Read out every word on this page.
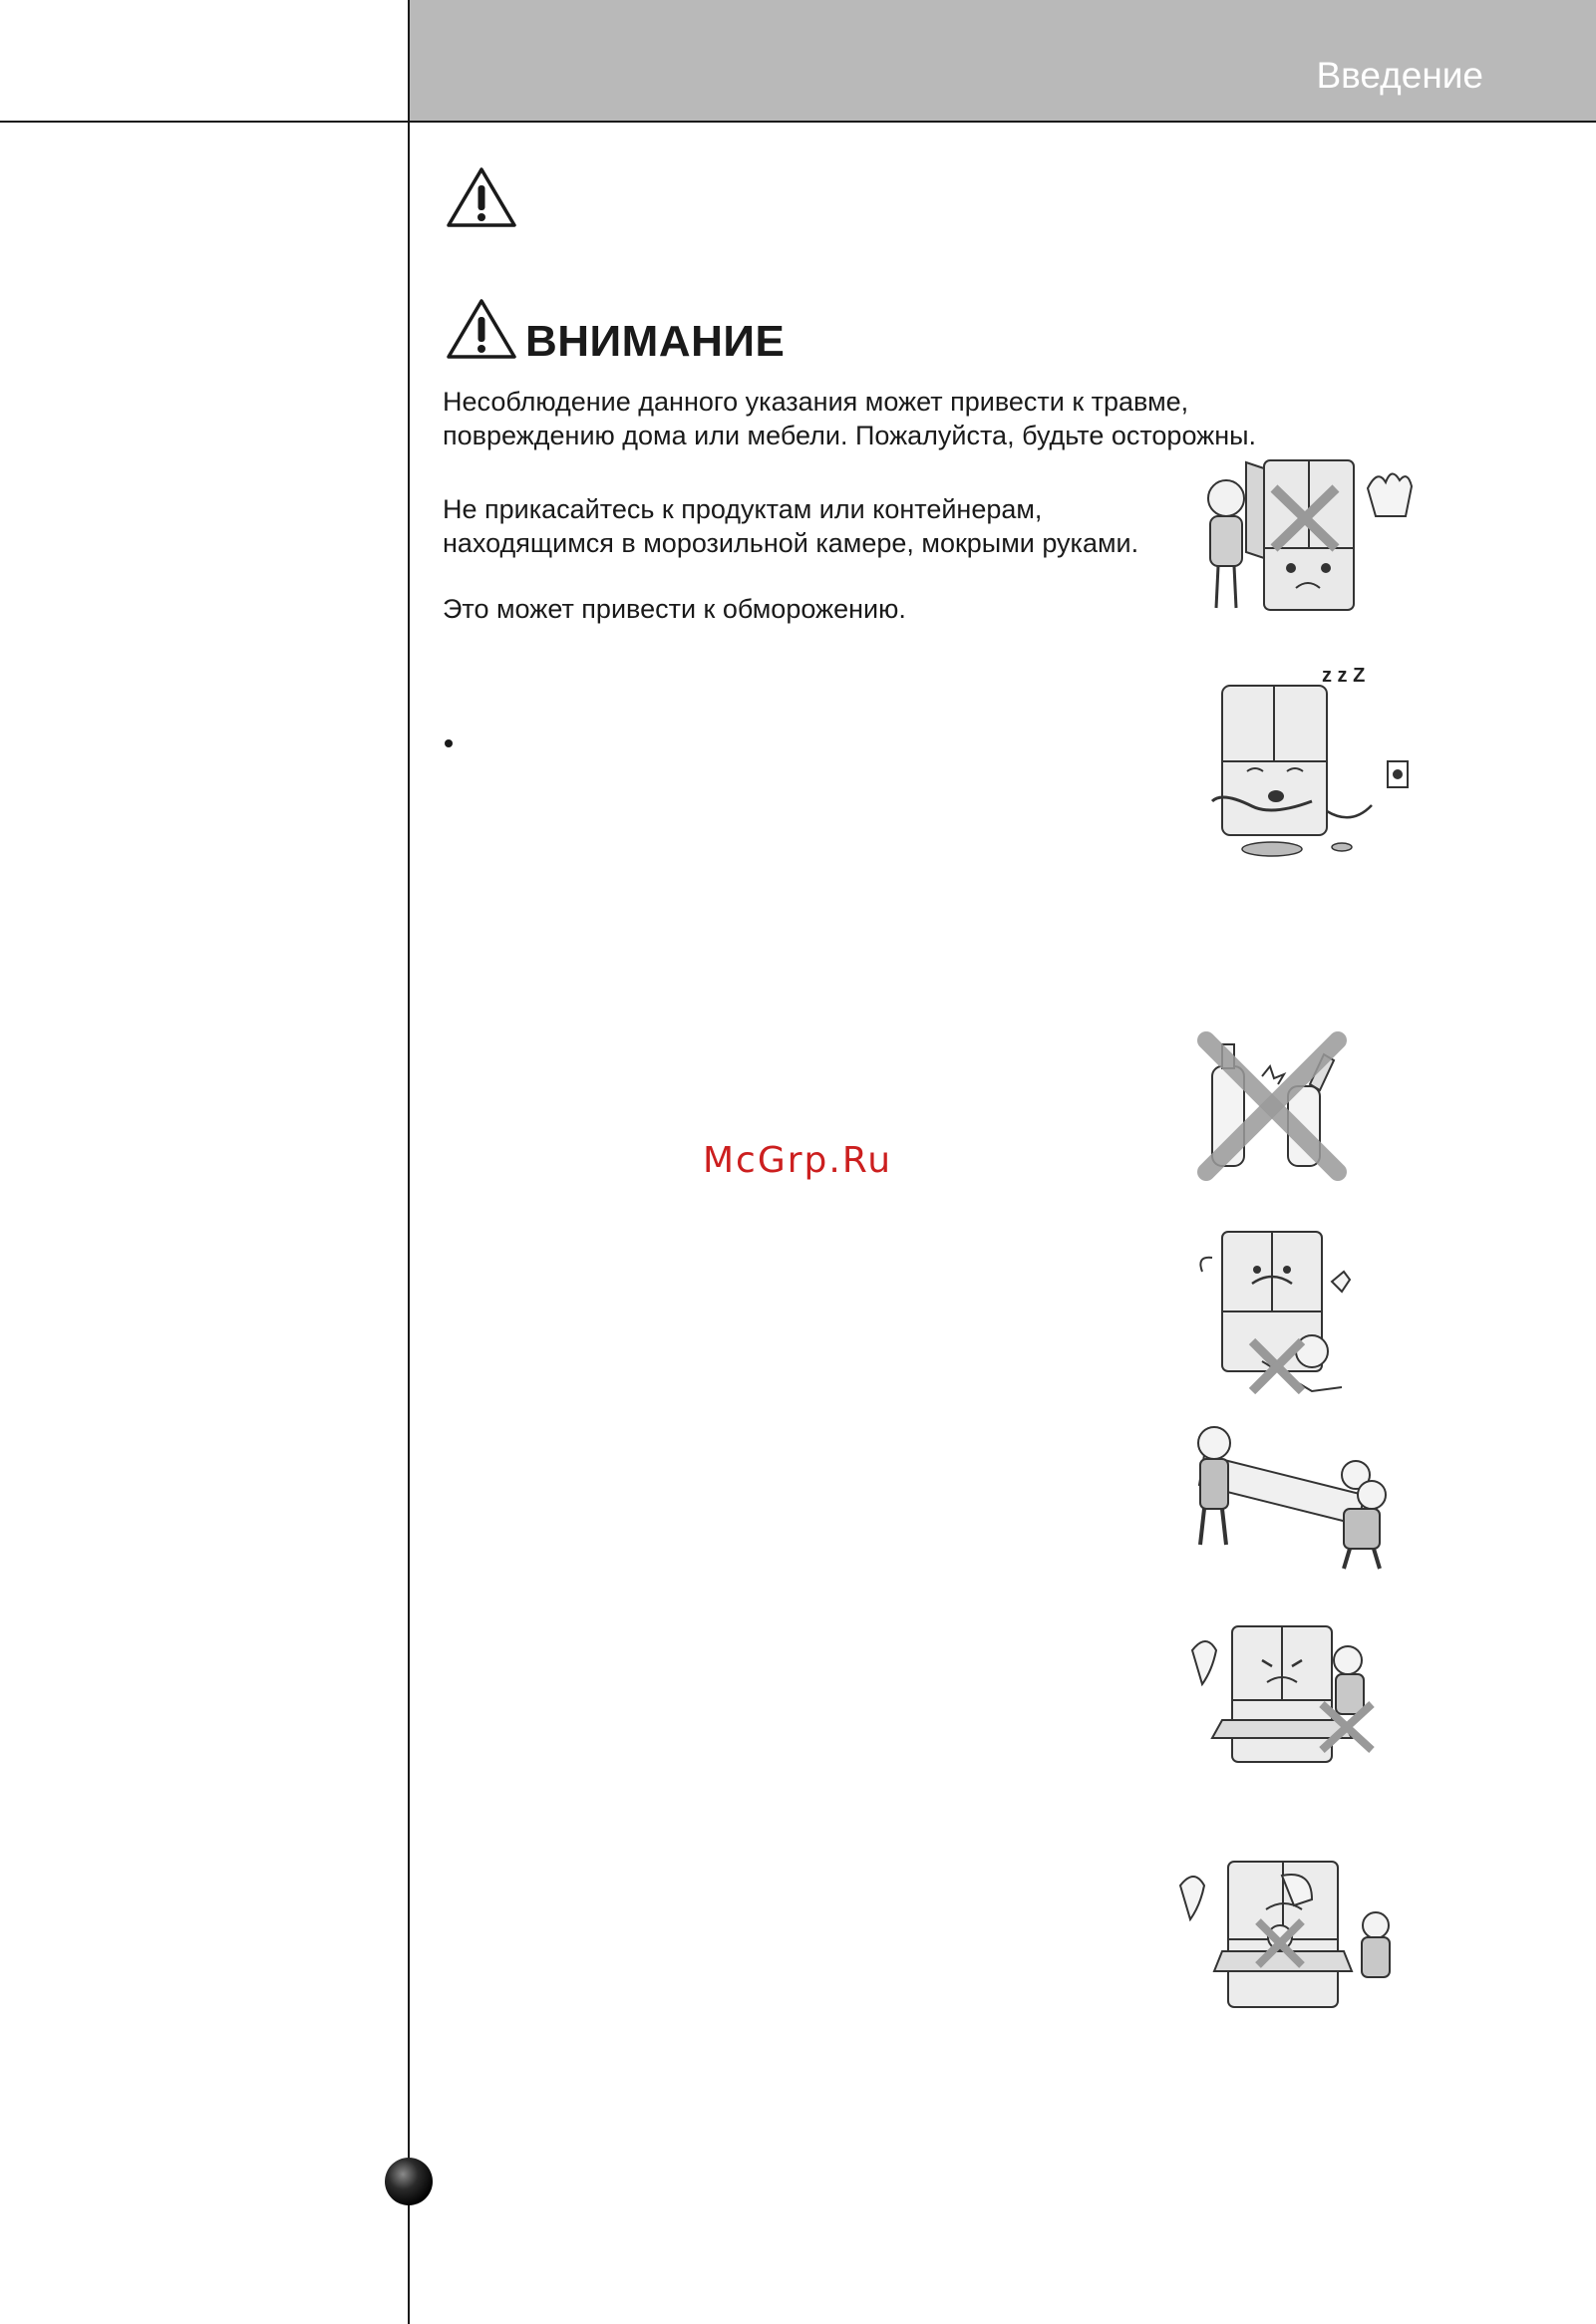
Введение
ВНИМАНИЕ

Несоблюдение данного указания может привести к травме, повреждению дома или мебели. Пожалуйста, будьте осторожны.

Не прикасайтесь к продуктам или контейнерам, находящимся в морозильной камере, мокрыми руками.

Это может привести к обморожению.

McGrp.Ru
z z Z
